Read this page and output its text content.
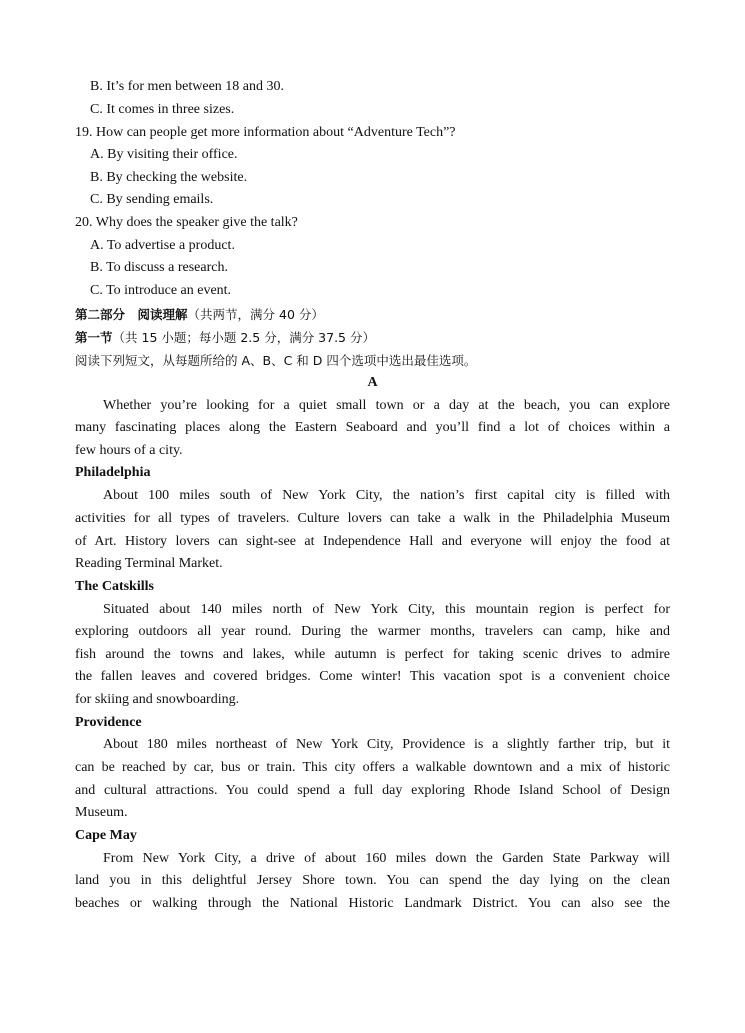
B. It’s for men between 18 and 30.
C. It comes in three sizes.
19. How can people get more information about “Adventure Tech”?
A. By visiting their office.
B. By checking the website.
C. By sending emails.
20. Why does the speaker give the talk?
A. To advertise a product.
B. To discuss a research.
C. To introduce an event.
第二部分　阅读理解（共两节，满分 40 分）
第一节（共 15 小题；每小题 2.5 分，满分 37.5 分）
阅读下列短文，从每题所给的 A、B、C 和 D 四个选项中选出最佳选项。
A
Whether you’re looking for a quiet small town or a day at the beach, you can explore
many fascinating places along the Eastern Seaboard and you’ll find a lot of choices within a
few hours of a city.
Philadelphia
About 100 miles south of New York City, the nation’s first capital city is filled with
activities for all types of travelers. Culture lovers can take a walk in the Philadelphia Museum
of Art. History lovers can sight-see at Independence Hall and everyone will enjoy the food at
Reading Terminal Market.
The Catskills
Situated about 140 miles north of New York City, this mountain region is perfect for
exploring outdoors all year round. During the warmer months, travelers can camp, hike and
fish around the towns and lakes, while autumn is perfect for taking scenic drives to admire
the fallen leaves and covered bridges. Come winter! This vacation spot is a convenient choice
for skiing and snowboarding.
Providence
About 180 miles northeast of New York City, Providence is a slightly farther trip, but it
can be reached by car, bus or train. This city offers a walkable downtown and a mix of historic
and cultural attractions. You could spend a full day exploring Rhode Island School of Design
Museum.
Cape May
From New York City, a drive of about 160 miles down the Garden State Parkway will
land you in this delightful Jersey Shore town. You can spend the day lying on the clean
beaches or walking through the National Historic Landmark District. You can also see the
